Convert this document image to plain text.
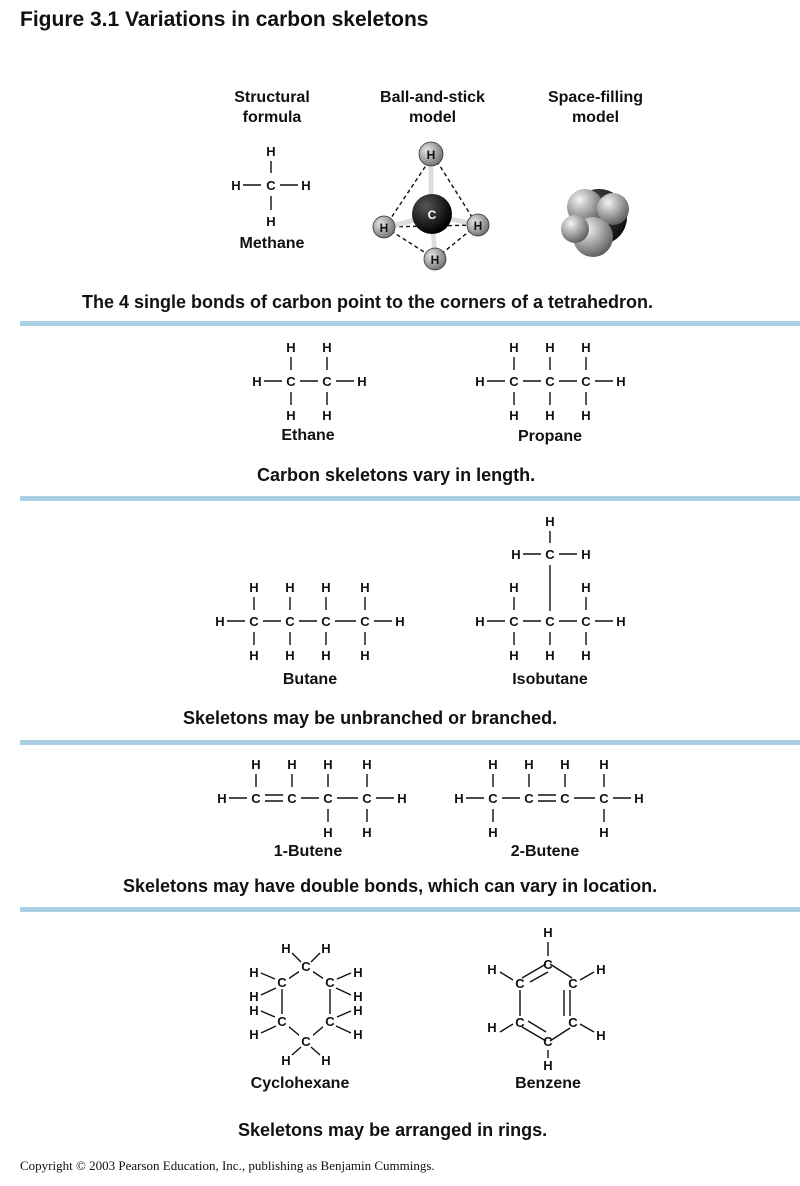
Figure 3.1 Variations in carbon skeletons
Structural formula
Ball-and-stick model
Space-filling model
H
H C H
H
Methane
H
C
H	H
H
The 4 single bonds of carbon point to the corners of a tetrahedron.
H H
H C C H
H H
Ethane
H H H
H C C C H
H H H
Propane
Carbon skeletons vary in length.
H H H H
H C C C C H
H H H H
Butane
H
H C H
H	H
H C C C H
H H H
Isobutane
Skeletons may be unbranched or branched.
H H H H
H C C C C H
H H
1-Butene
H H H H
H C C C C H
H	H
2-Butene
Skeletons may have double bonds, which can vary in location.
C
C
C
C
C
C
H H
H
H
H
H
H H
H
H
H
H
Cyclohexane
C
C
C
C
C
C
H
H
H
H
H
H
Benzene
Skeletons may be arranged in rings.
Copyright © 2003 Pearson Education, Inc., publishing as Benjamin Cummings.
